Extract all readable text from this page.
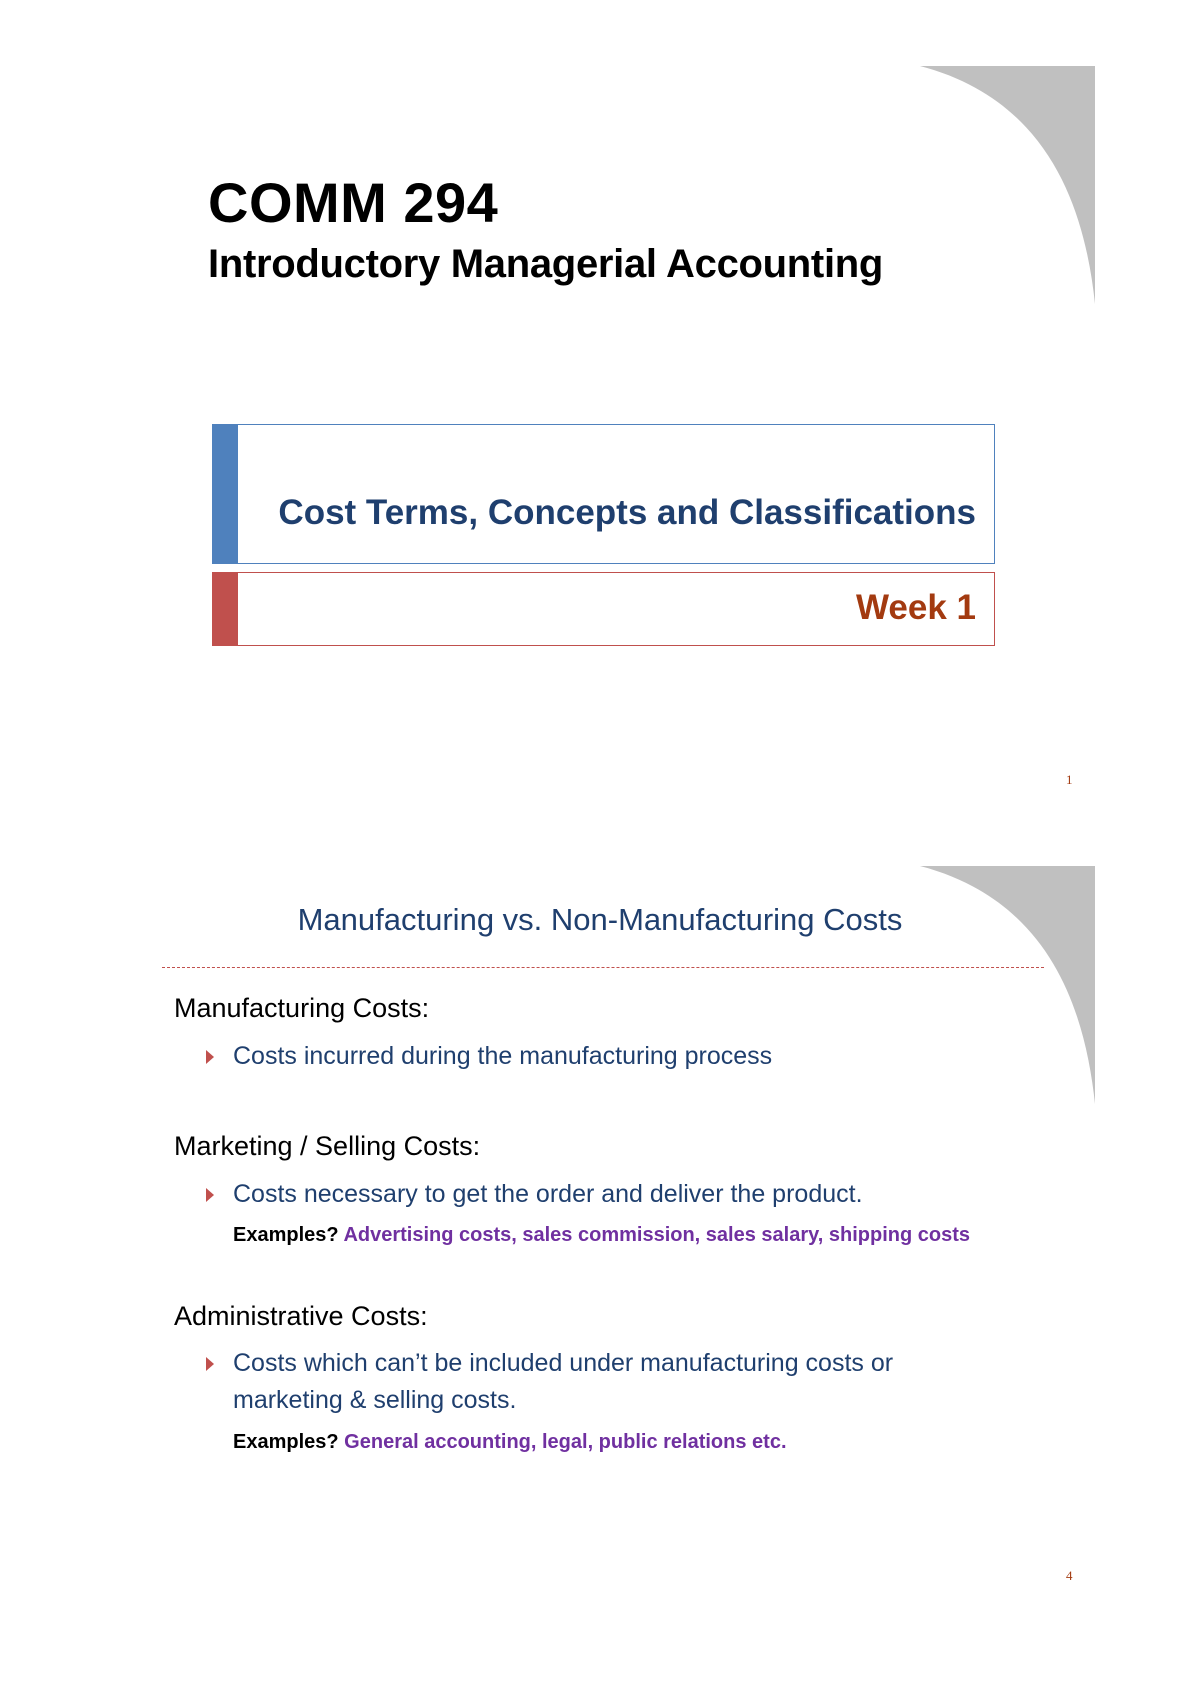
COMM 294
Introductory Managerial Accounting
Cost Terms, Concepts and Classifications
Week 1
1
Manufacturing vs. Non-Manufacturing Costs
Manufacturing Costs:
Costs incurred during the manufacturing process
Marketing / Selling Costs:
Costs necessary to get the order and deliver the product.
Examples? Advertising costs, sales commission, sales salary, shipping costs
Administrative Costs:
Costs which can’t be included under manufacturing costs or marketing & selling costs.
Examples? General accounting, legal, public relations etc.
4
